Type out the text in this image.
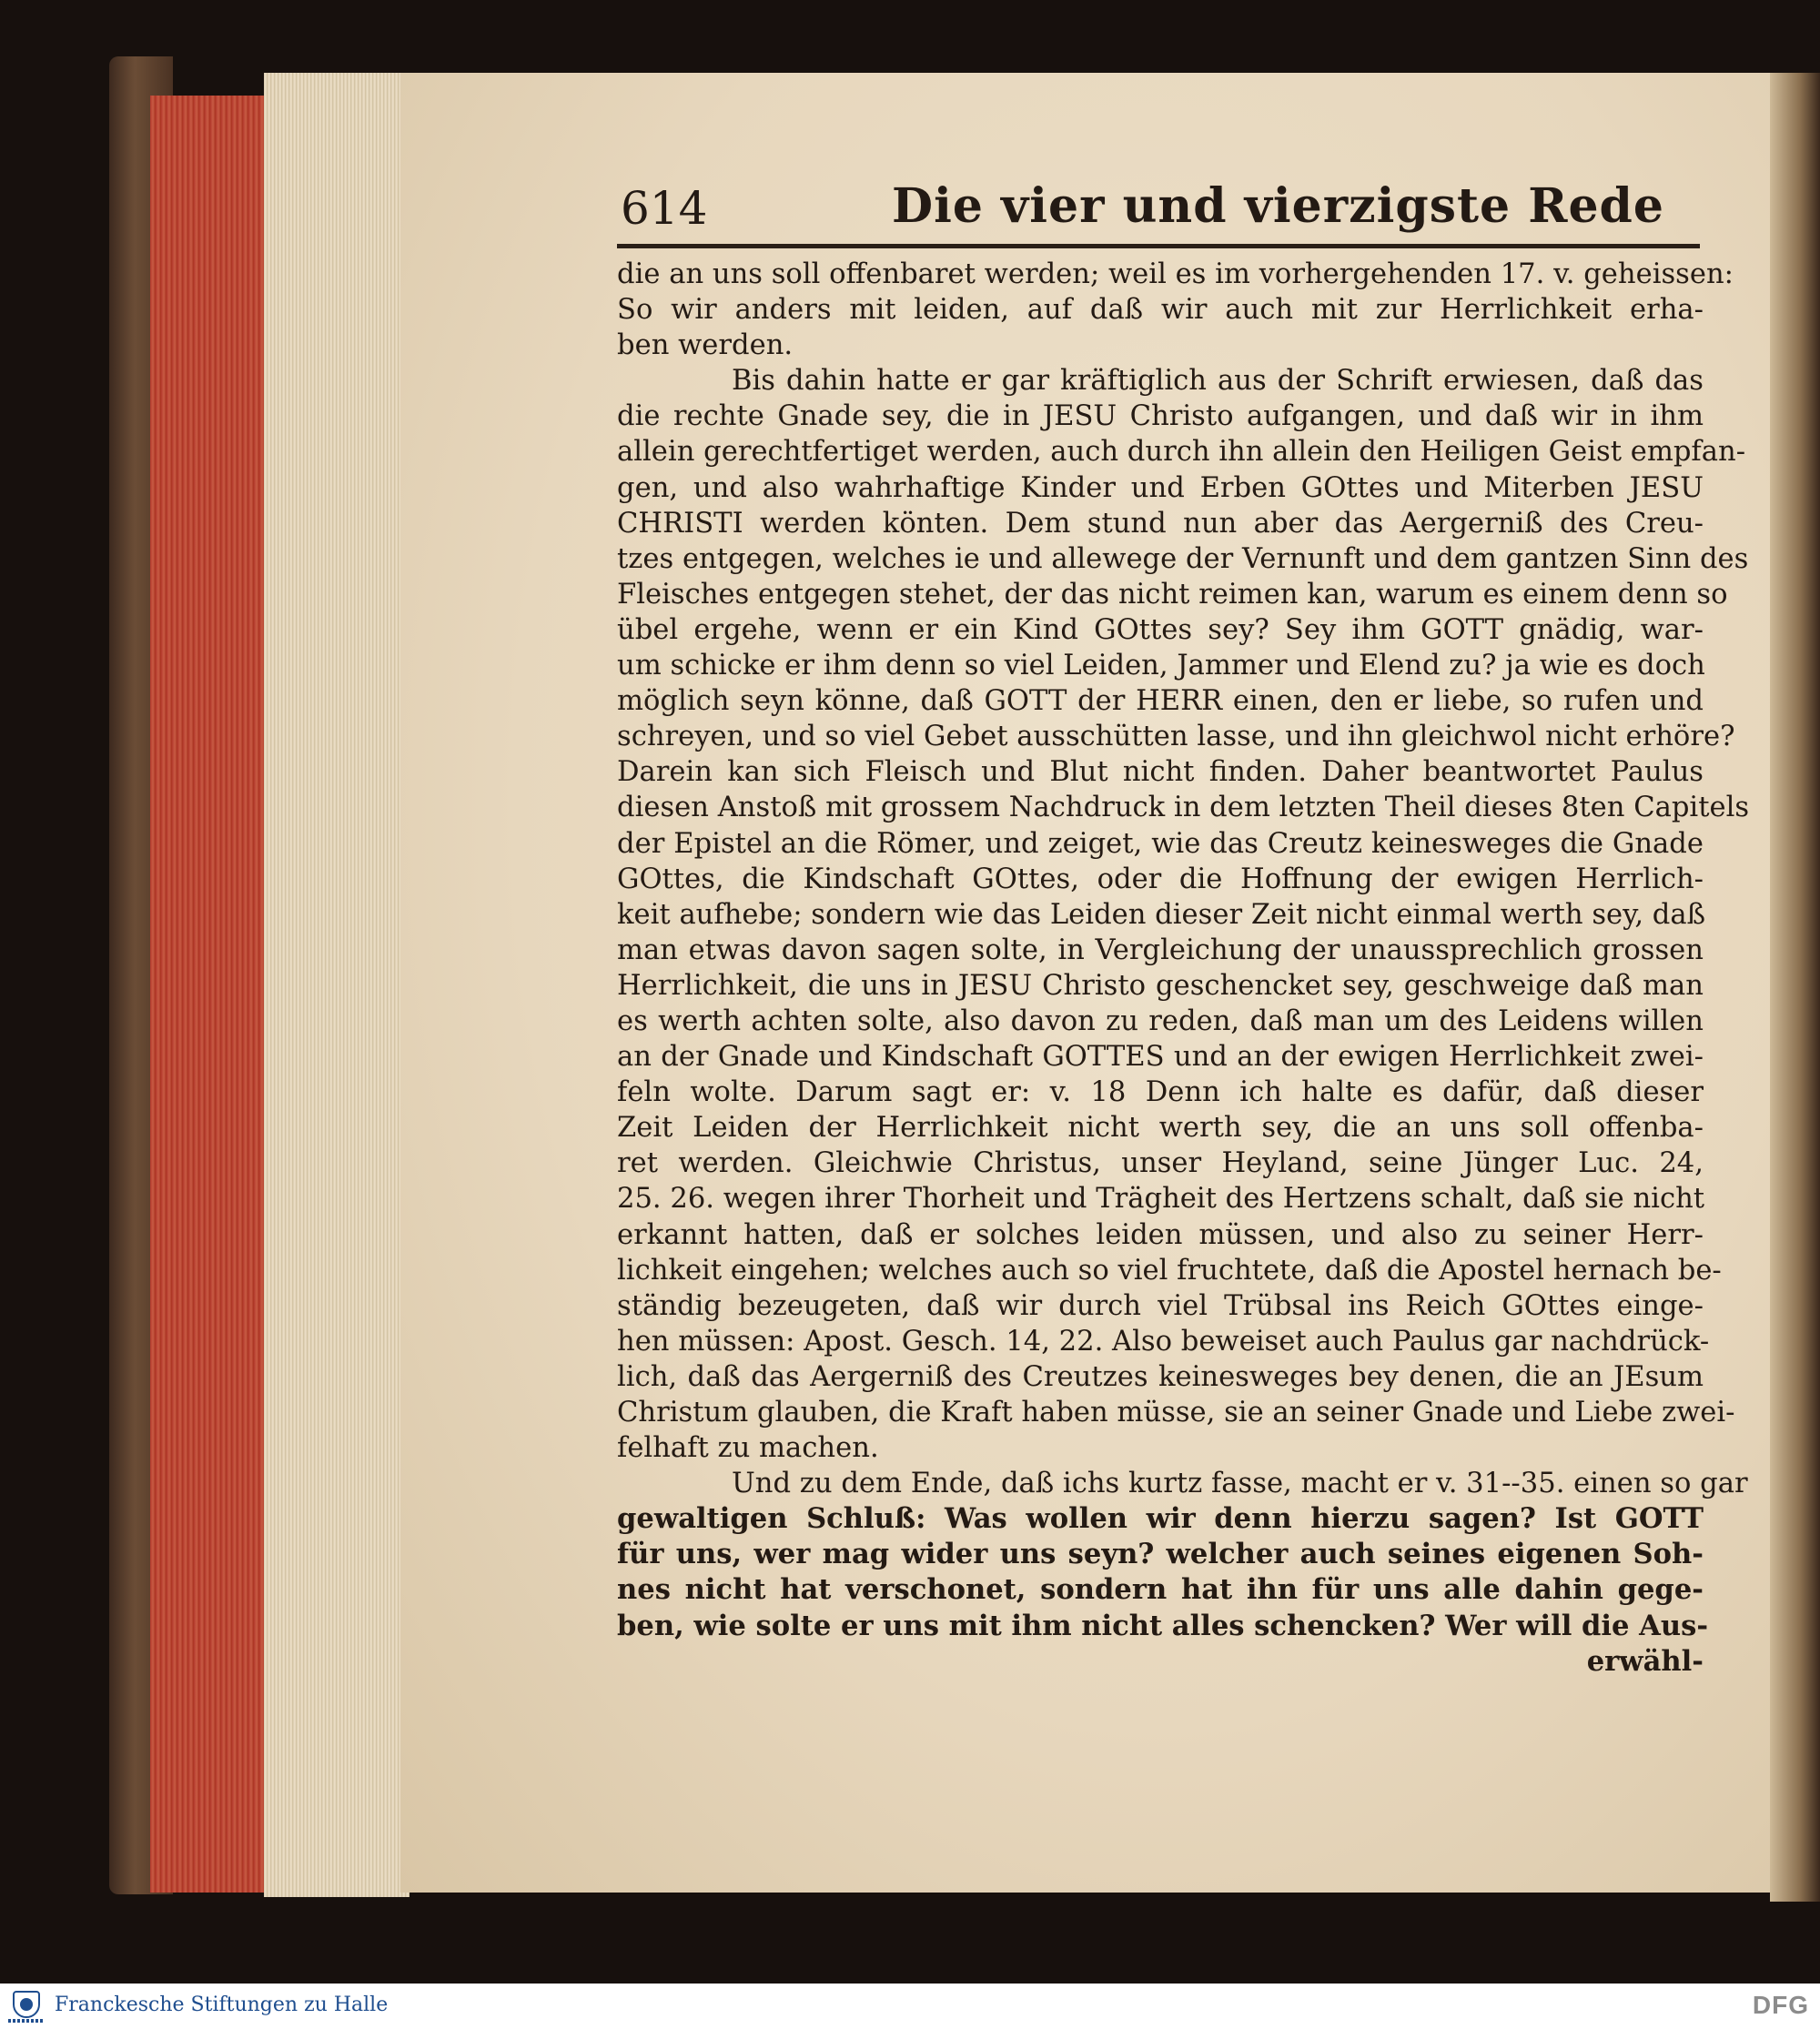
614	Die vier und vierzigste Rede
die an uns soll offenbaret werden; weil es im vorhergehenden 17. v. geheissen:
So wir anders mit leiden, auf daß wir auch mit zur Herrlichkeit erha-
ben werden.
Bis dahin hatte er gar kräftiglich aus der Schrift erwiesen, daß das
die rechte Gnade sey, die in JESU Christo aufgangen, und daß wir in ihm
allein gerechtfertiget werden, auch durch ihn allein den Heiligen Geist empfan-
gen, und also wahrhaftige Kinder und Erben GOttes und Miterben JESU
CHRISTI werden könten. Dem stund nun aber das Aergerniß des Creu-
tzes entgegen, welches ie und allewege der Vernunft und dem gantzen Sinn des
Fleisches entgegen stehet, der das nicht reimen kan, warum es einem denn so
übel ergehe, wenn er ein Kind GOttes sey? Sey ihm GOTT gnädig, war-
um schicke er ihm denn so viel Leiden, Jammer und Elend zu? ja wie es doch
möglich seyn könne, daß GOTT der HERR einen, den er liebe, so rufen und
schreyen, und so viel Gebet ausschütten lasse, und ihn gleichwol nicht erhöre?
Darein kan sich Fleisch und Blut nicht finden. Daher beantwortet Paulus
diesen Anstoß mit grossem Nachdruck in dem letzten Theil dieses 8ten Capitels
der Epistel an die Römer, und zeiget, wie das Creutz keinesweges die Gnade
GOttes, die Kindschaft GOttes, oder die Hoffnung der ewigen Herrlich-
keit aufhebe; sondern wie das Leiden dieser Zeit nicht einmal werth sey, daß
man etwas davon sagen solte, in Vergleichung der unaussprechlich grossen
Herrlichkeit, die uns in JESU Christo geschencket sey, geschweige daß man
es werth achten solte, also davon zu reden, daß man um des Leidens willen
an der Gnade und Kindschaft GOTTES und an der ewigen Herrlichkeit zwei-
feln wolte. Darum sagt er: v. 18 Denn ich halte es dafür, daß dieser
Zeit Leiden der Herrlichkeit nicht werth sey, die an uns soll offenba-
ret werden. Gleichwie Christus, unser Heyland, seine Jünger Luc. 24,
25. 26. wegen ihrer Thorheit und Trägheit des Hertzens schalt, daß sie nicht
erkannt hatten, daß er solches leiden müssen, und also zu seiner Herr-
lichkeit eingehen; welches auch so viel fruchtete, daß die Apostel hernach be-
ständig bezeugeten, daß wir durch viel Trübsal ins Reich GOttes einge-
hen müssen: Apost. Gesch. 14, 22. Also beweiset auch Paulus gar nachdrück-
lich, daß das Aergerniß des Creutzes keinesweges bey denen, die an JEsum
Christum glauben, die Kraft haben müsse, sie an seiner Gnade und Liebe zwei-
felhaft zu machen.
Und zu dem Ende, daß ichs kurtz fasse, macht er v. 31--35. einen so gar
gewaltigen Schluß: Was wollen wir denn hierzu sagen? Ist GOTT
für uns, wer mag wider uns seyn? welcher auch seines eigenen Soh-
nes nicht hat verschonet, sondern hat ihn für uns alle dahin gege-
ben, wie solte er uns mit ihm nicht alles schencken? Wer will die Aus-
erwähl-
Franckesche Stiftungen zu Halle	DFG
